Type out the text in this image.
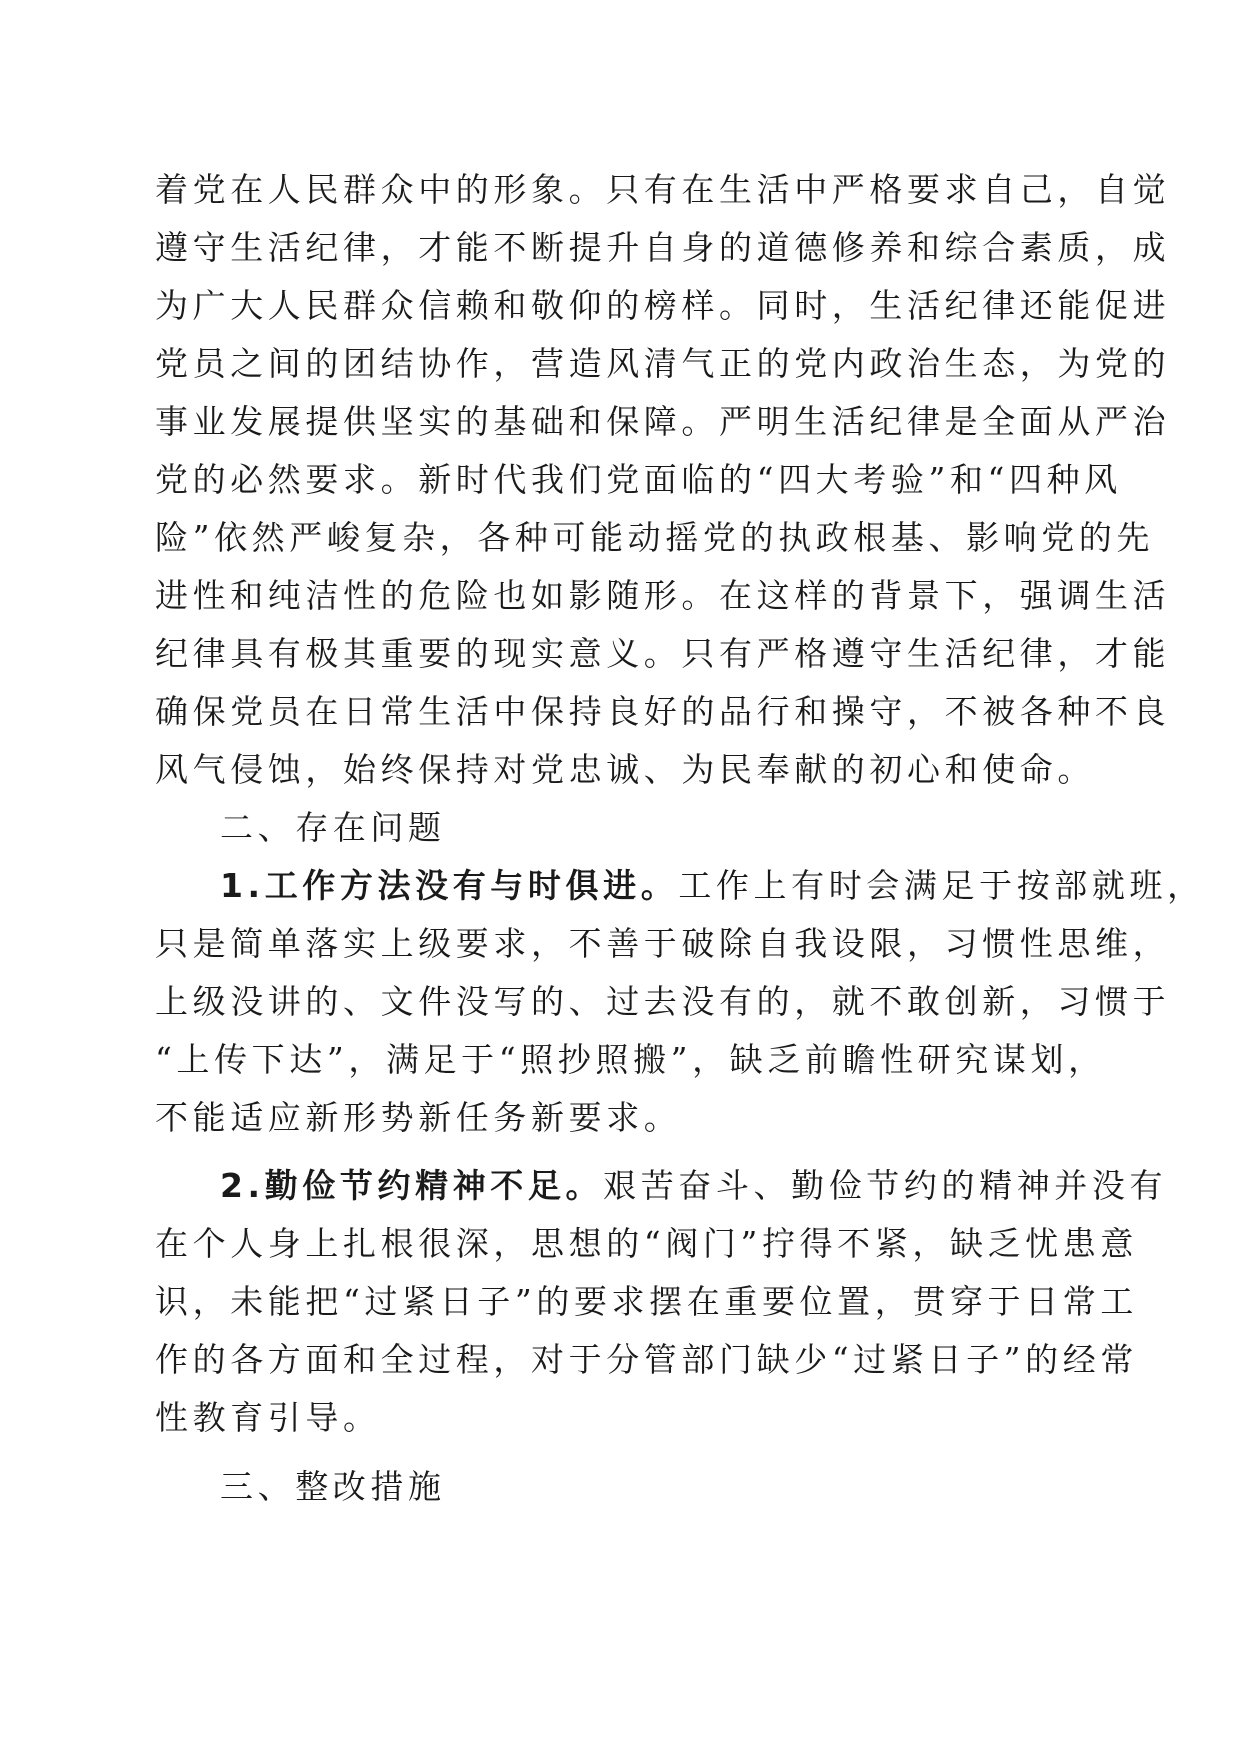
着党在人民群众中的形象。只有在生活中严格要求自己，自觉
遵守生活纪律，才能不断提升自身的道德修养和综合素质，成
为广大人民群众信赖和敬仰的榜样。同时，生活纪律还能促进
党员之间的团结协作，营造风清气正的党内政治生态，为党的
事业发展提供坚实的基础和保障。严明生活纪律是全面从严治
党的必然要求。新时代我们党面临的“四大考验”和“四种风
险”依然严峻复杂，各种可能动摇党的执政根基、影响党的先
进性和纯洁性的危险也如影随形。在这样的背景下，强调生活
纪律具有极其重要的现实意义。只有严格遵守生活纪律，才能
确保党员在日常生活中保持良好的品行和操守，不被各种不良
风气侵蚀，始终保持对党忠诚、为民奉献的初心和使命。
二、存在问题
1.工作方法没有与时俱进。工作上有时会满足于按部就班，
只是简单落实上级要求，不善于破除自我设限，习惯性思维，
上级没讲的、文件没写的、过去没有的，就不敢创新，习惯于
“上传下达”，满足于“照抄照搬”，缺乏前瞻性研究谋划，
不能适应新形势新任务新要求。
2.勤俭节约精神不足。艰苦奋斗、勤俭节约的精神并没有
在个人身上扎根很深，思想的“阀门”拧得不紧，缺乏忧患意
识，未能把“过紧日子”的要求摆在重要位置，贯穿于日常工
作的各方面和全过程，对于分管部门缺少“过紧日子”的经常
性教育引导。
三、整改措施
